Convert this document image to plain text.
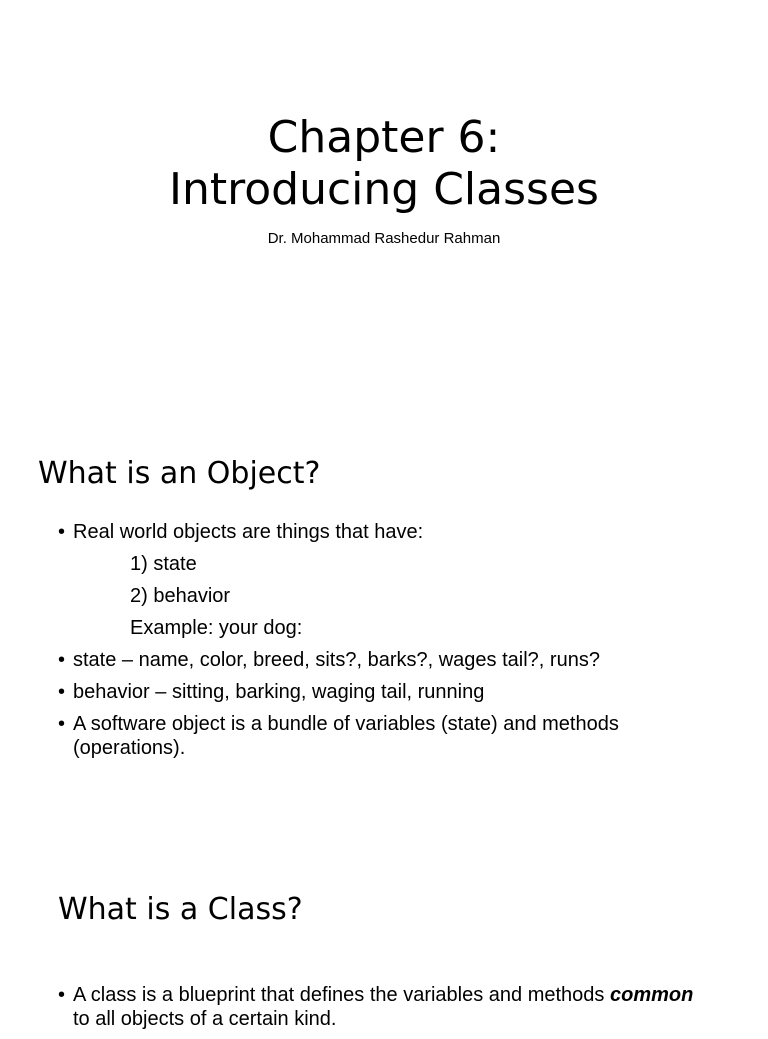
Chapter 6:
Introducing Classes
Dr. Mohammad Rashedur Rahman
What is an Object?
• Real world objects are things that have:
1) state
2) behavior
Example: your dog:
• state – name, color, breed, sits?, barks?, wages tail?, runs?
• behavior – sitting, barking, waging tail, running
• A software object is a bundle of variables (state) and methods
(operations).
What is a Class?
• A class is a blueprint that defines the variables and methods common
to all objects of a certain kind.
